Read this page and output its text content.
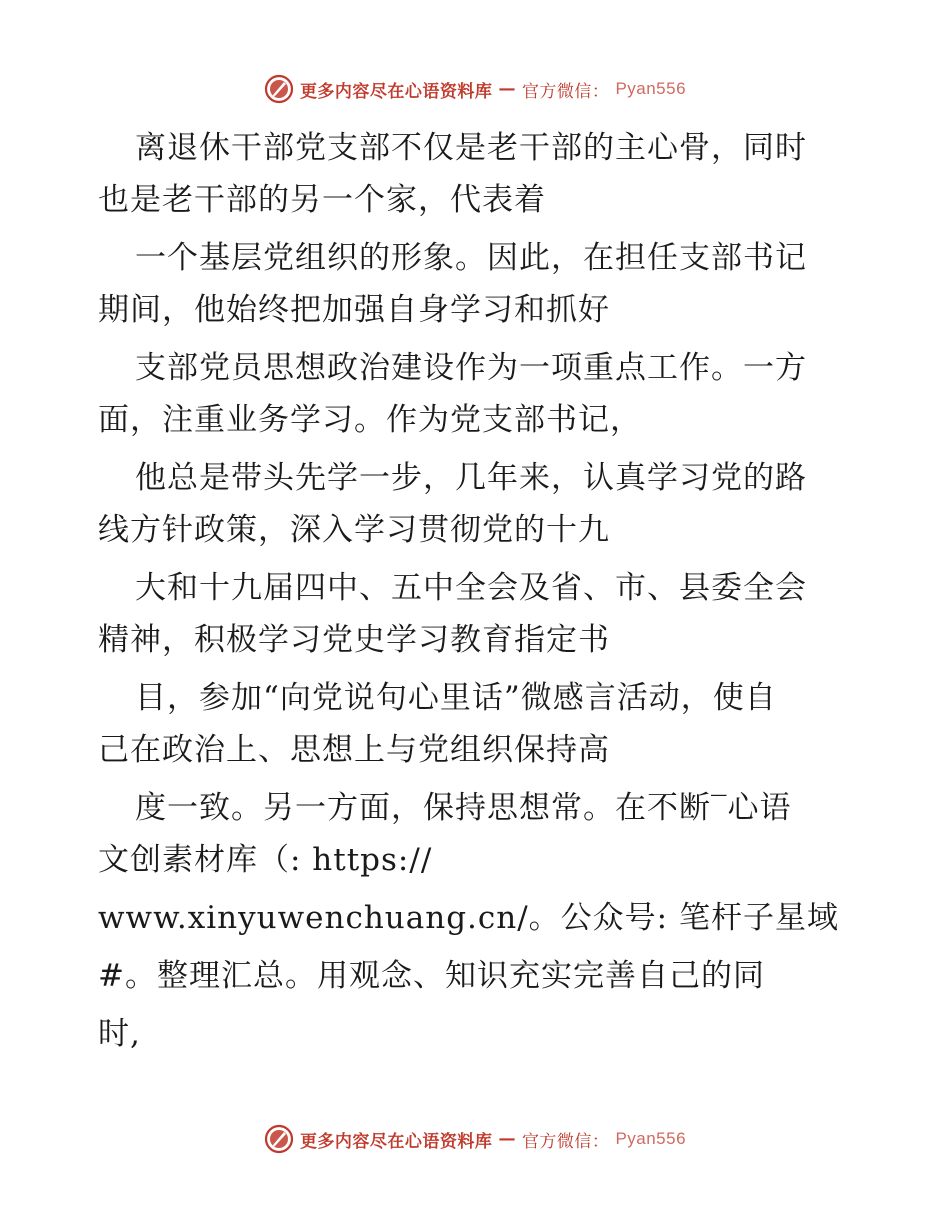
更多内容尽在心语资料库 — 官方微信： Pyan556

离退休干部党支部不仅是老干部的主心骨，同时

也是老干部的另一个家，代表着

一个基层党组织的形象。因此，在担任支部书记

期间，他始终把加强自身学习和抓好

支部党员思想政治建设作为一项重点工作。一方

面，注重业务学习。作为党支部书记，

他总是带头先学一步，几年来，认真学习党的路

线方针政策，深入学习贯彻党的十九

大和十九届四中、五中全会及省、市、县委全会

精神，积极学习党史学习教育指定书

目，参加“向党说句心里话”微感言活动，使自

己在政治上、思想上与党组织保持高

度一致。另一方面，保持思想常。在不断‾心语

文创素材库（: https://

www.xinyuwenchuang.cn/。公众号: 笔杆子星域

#。整理汇总。用观念、知识充实完善自己的同

时,

更多内容尽在心语资料库 — 官方微信： Pyan556
